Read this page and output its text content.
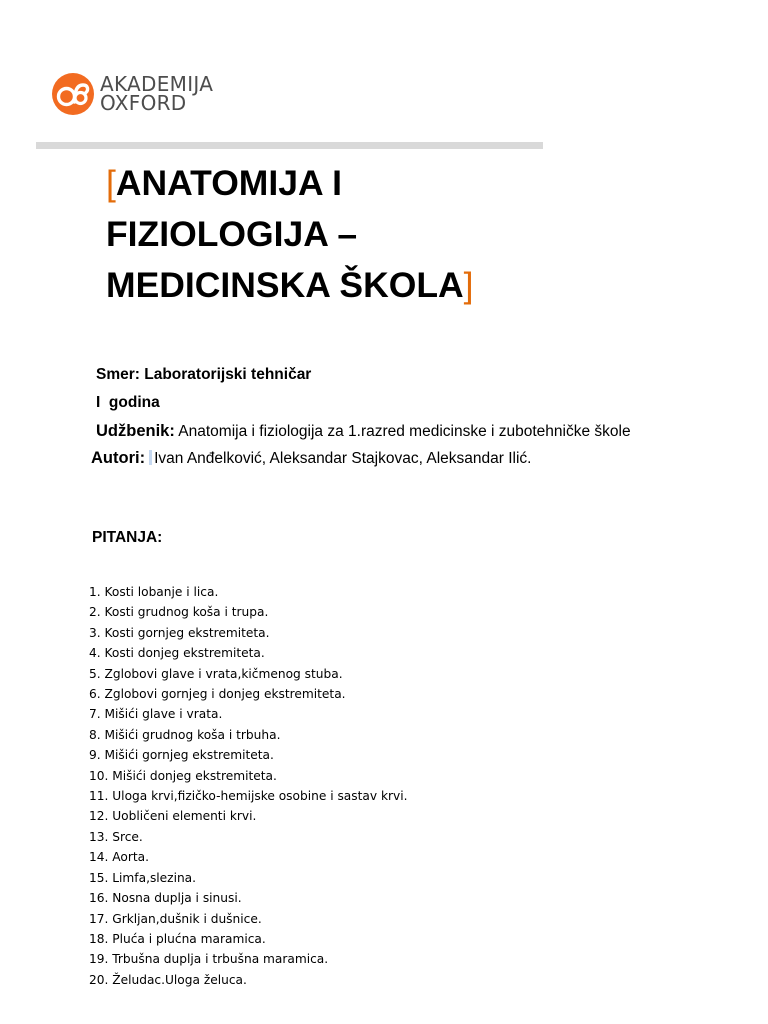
AKADEMIJA
OXFORD
[ANATOMIJA I
FIZIOLOGIJA –
MEDICINSKA ŠKOLA]
Smer: Laboratorijski tehničar
I  godina
Udžbenik: Anatomija i fiziologija za 1.razred medicinske i zubotehničke škole
Autori: Ivan Anđelković, Aleksandar Stajkovac, Aleksandar Ilić.
PITANJA:
1. Kosti lobanje i lica.
2. Kosti grudnog koša i trupa.
3. Kosti gornjeg ekstremiteta.
4. Kosti donjeg ekstremiteta.
5. Zglobovi glave i vrata,kičmenog stuba.
6. Zglobovi gornjeg i donjeg ekstremiteta.
7. Mišići glave i vrata.
8. Mišići grudnog koša i trbuha.
9. Mišići gornjeg ekstremiteta.
10. Mišići donjeg ekstremiteta.
11. Uloga krvi,fizičko-hemijske osobine i sastav krvi.
12. Uobličeni elementi krvi.
13. Srce.
14. Aorta.
15. Limfa,slezina.
16. Nosna duplja i sinusi.
17. Grkljan,dušnik i dušnice.
18. Pluća i plućna maramica.
19. Trbušna duplja i trbušna maramica.
20. Želudac.Uloga želuca.
